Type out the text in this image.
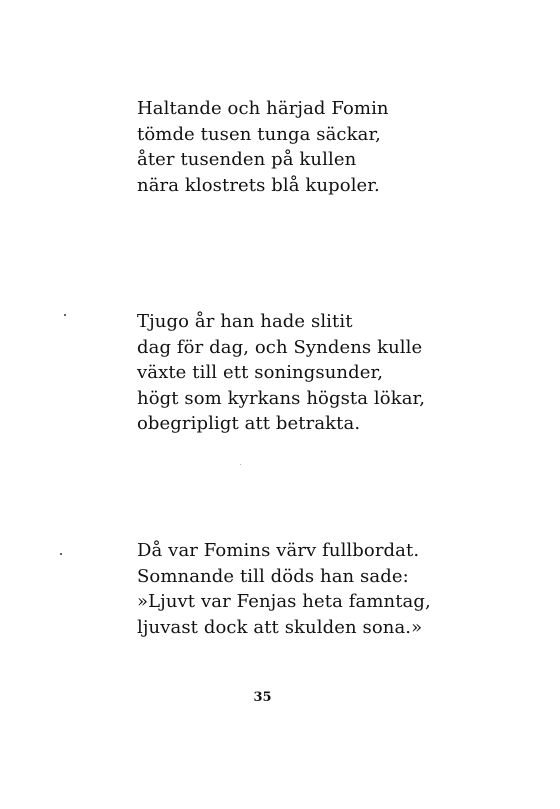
Haltande och härjad Fomin
tömde tusen tunga säckar,
åter tusenden på kullen
nära klostrets blå kupoler.
Tjugo år han hade slitit
dag för dag, och Syndens kulle
växte till ett soningsunder,
högt som kyrkans högsta lökar,
obegripligt att betrakta.
Då var Fomins värv fullbordat.
Somnande till döds han sade:
»Ljuvt var Fenjas heta famntag,
ljuvast dock att skulden sona.»
35
